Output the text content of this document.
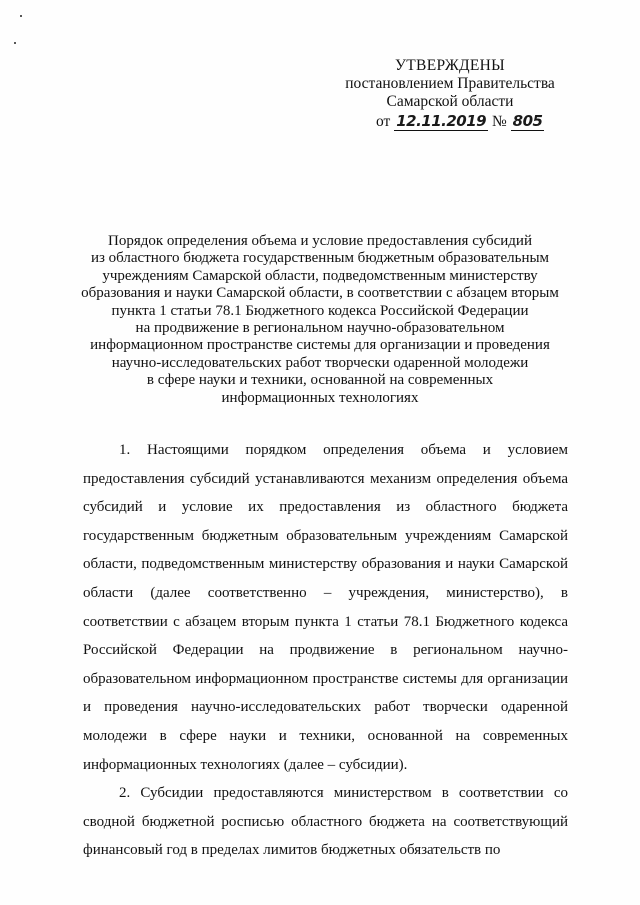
УТВЕРЖДЕНЫ
постановлением Правительства
Самарской области
от 12.11.2019 № 805
Порядок определения объема и условие предоставления субсидий
из областного бюджета государственным бюджетным образовательным
учреждениям Самарской области, подведомственным министерству
образования и науки Самарской области, в соответствии с абзацем вторым
пункта 1 статьи 78.1 Бюджетного кодекса Российской Федерации
на продвижение в региональном научно-образовательном
информационном пространстве системы для организации и проведения
научно-исследовательских работ творчески одаренной молодежи
в сфере науки и техники, основанной на современных
информационных технологиях

1. Настоящими порядком определения объема и условием предоставления субсидий устанавливаются механизм определения объема субсидий и условие их предоставления из областного бюджета государственным бюджетным образовательным учреждениям Самарской области, подведомственным министерству образования и науки Самарской области (далее соответственно – учреждения, министерство), в соответствии с абзацем вторым пункта 1 статьи 78.1 Бюджетного кодекса Российской Федерации на продвижение в региональном научно-образовательном информационном пространстве системы для организации и проведения научно-исследовательских работ творчески одаренной молодежи в сфере науки и техники, основанной на современных информационных технологиях (далее – субсидии).

2. Субсидии предоставляются министерством в соответствии со сводной бюджетной росписью областного бюджета на соответствующий финансовый год в пределах лимитов бюджетных обязательств по
